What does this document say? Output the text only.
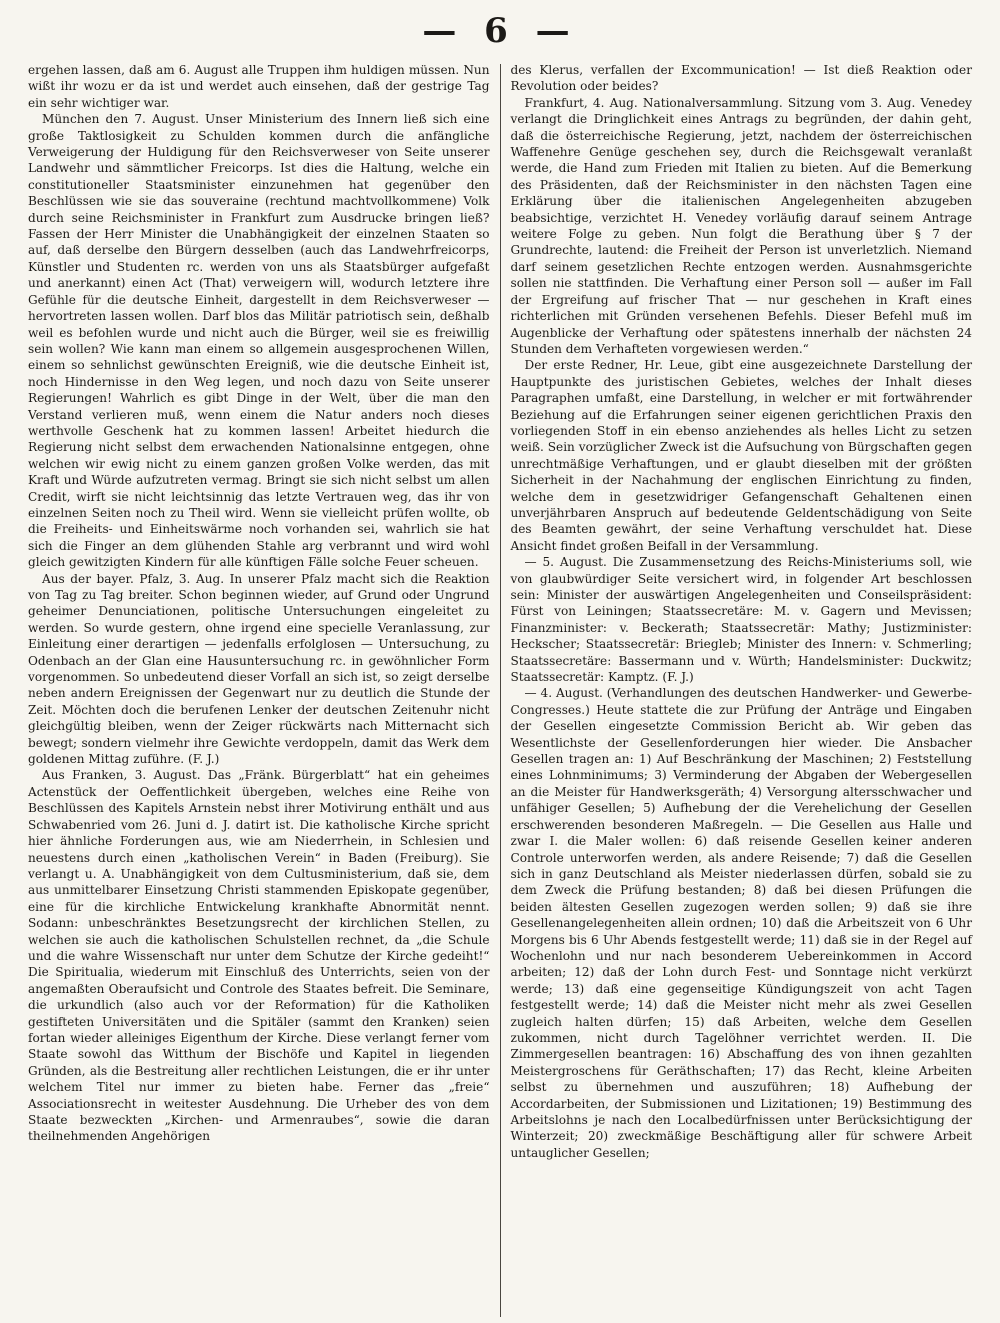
— 6 —

ergehen lassen, daß am 6. August alle Truppen ihm huldigen müssen. Nun wißt ihr wozu er da ist und werdet auch einsehen, daß der gestrige Tag ein sehr wichtiger war.

München den 7. August. Unser Ministerium des Innern ließ sich eine große Taktlosigkeit zu Schulden kommen durch die anfängliche Verweigerung der Huldigung für den Reichsverweser von Seite unserer Landwehr und sämmtlicher Freicorps. Ist dies die Haltung, welche ein constitutioneller Staatsminister einzunehmen hat gegenüber den Beschlüssen wie sie das souveraine (rechtund machtvollkommene) Volk durch seine Reichsminister in Frankfurt zum Ausdrucke bringen ließ? Fassen der Herr Minister die Unabhängigkeit der einzelnen Staaten so auf, daß derselbe den Bürgern desselben (auch das Landwehrfreicorps, Künstler und Studenten rc. werden von uns als Staatsbürger aufgefaßt und anerkannt) einen Act (That) verweigern will, wodurch letztere ihre Gefühle für die deutsche Einheit, dargestellt in dem Reichsverweser — hervortreten lassen wollen. Darf blos das Militär patriotisch sein, deßhalb weil es befohlen wurde und nicht auch die Bürger, weil sie es freiwillig sein wollen? Wie kann man einem so allgemein ausgesprochenen Willen, einem so sehnlichst gewünschten Ereigniß, wie die deutsche Einheit ist, noch Hindernisse in den Weg legen, und noch dazu von Seite unserer Regierungen! Wahrlich es gibt Dinge in der Welt, über die man den Verstand verlieren muß, wenn einem die Natur anders noch dieses werthvolle Geschenk hat zu kommen lassen! Arbeitet hiedurch die Regierung nicht selbst dem erwachenden Nationalsinne entgegen, ohne welchen wir ewig nicht zu einem ganzen großen Volke werden, das mit Kraft und Würde aufzutreten vermag. Bringt sie sich nicht selbst um allen Credit, wirft sie nicht leichtsinnig das letzte Vertrauen weg, das ihr von einzelnen Seiten noch zu Theil wird. Wenn sie vielleicht prüfen wollte, ob die Freiheits- und Einheitswärme noch vorhanden sei, wahrlich sie hat sich die Finger an dem glühenden Stahle arg verbrannt und wird wohl gleich gewitzigten Kindern für alle künftigen Fälle solche Feuer scheuen.

Aus der bayer. Pfalz, 3. Aug. In unserer Pfalz macht sich die Reaktion von Tag zu Tag breiter. Schon beginnen wieder, auf Grund oder Ungrund geheimer Denunciationen, politische Untersuchungen eingeleitet zu werden. So wurde gestern, ohne irgend eine specielle Veranlassung, zur Einleitung einer derartigen — jedenfalls erfolglosen — Untersuchung, zu Odenbach an der Glan eine Hausuntersuchung rc. in gewöhnlicher Form vorgenommen. So unbedeutend dieser Vorfall an sich ist, so zeigt derselbe neben andern Ereignissen der Gegenwart nur zu deutlich die Stunde der Zeit. Möchten doch die berufenen Lenker der deutschen Zeitenuhr nicht gleichgültig bleiben, wenn der Zeiger rückwärts nach Mitternacht sich bewegt; sondern vielmehr ihre Gewichte verdoppeln, damit das Werk dem goldenen Mittag zuführe. (F. J.)

Aus Franken, 3. August. Das „Fränk. Bürgerblatt“ hat ein geheimes Actenstück der Oeffentlichkeit übergeben, welches eine Reihe von Beschlüssen des Kapitels Arnstein nebst ihrer Motivirung enthält und aus Schwabenried vom 26. Juni d. J. datirt ist. Die katholische Kirche spricht hier ähnliche Forderungen aus, wie am Niederrhein, in Schlesien und neuestens durch einen „katholischen Verein“ in Baden (Freiburg). Sie verlangt u. A. Unabhängigkeit von dem Cultusministerium, daß sie, dem aus unmittelbarer Einsetzung Christi stammenden Episkopate gegenüber, eine für die kirchliche Entwickelung krankhafte Abnormität nennt. Sodann: unbeschränktes Besetzungsrecht der kirchlichen Stellen, zu welchen sie auch die katholischen Schulstellen rechnet, da „die Schule und die wahre Wissenschaft nur unter dem Schutze der Kirche gedeiht!“ Die Spiritualia, wiederum mit Einschluß des Unterrichts, seien von der angemaßten Oberaufsicht und Controle des Staates befreit. Die Seminare, die urkundlich (also auch vor der Reformation) für die Katholiken gestifteten Universitäten und die Spitäler (sammt den Kranken) seien fortan wieder alleiniges Eigenthum der Kirche. Diese verlangt ferner vom Staate sowohl das Witthum der Bischöfe und Kapitel in liegenden Gründen, als die Bestreitung aller rechtlichen Leistungen, die er ihr unter welchem Titel nur immer zu bieten habe. Ferner das „freie“ Associationsrecht in weitester Ausdehnung. Die Urheber des von dem Staate bezweckten „Kirchen- und Armenraubes“, sowie die daran theilnehmenden Angehörigen

des Klerus, verfallen der Excommunication! — Ist dieß Reaktion oder Revolution oder beides?

Frankfurt, 4. Aug. Nationalversammlung. Sitzung vom 3. Aug. Venedey verlangt die Dringlichkeit eines Antrags zu begründen, der dahin geht, daß die österreichische Regierung, jetzt, nachdem der österreichischen Waffenehre Genüge geschehen sey, durch die Reichsgewalt veranlaßt werde, die Hand zum Frieden mit Italien zu bieten. Auf die Bemerkung des Präsidenten, daß der Reichsminister in den nächsten Tagen eine Erklärung über die italienischen Angelegenheiten abzugeben beabsichtige, verzichtet H. Venedey vorläufig darauf seinem Antrage weitere Folge zu geben. Nun folgt die Berathung über § 7 der Grundrechte, lautend: die Freiheit der Person ist unverletzlich. Niemand darf seinem gesetzlichen Rechte entzogen werden. Ausnahmsgerichte sollen nie stattfinden. Die Verhaftung einer Person soll — außer im Fall der Ergreifung auf frischer That — nur geschehen in Kraft eines richterlichen mit Gründen versehenen Befehls. Dieser Befehl muß im Augenblicke der Verhaftung oder spätestens innerhalb der nächsten 24 Stunden dem Verhafteten vorgewiesen werden.“

Der erste Redner, Hr. Leue, gibt eine ausgezeichnete Darstellung der Hauptpunkte des juristischen Gebietes, welches der Inhalt dieses Paragraphen umfaßt, eine Darstellung, in welcher er mit fortwährender Beziehung auf die Erfahrungen seiner eigenen gerichtlichen Praxis den vorliegenden Stoff in ein ebenso anziehendes als helles Licht zu setzen weiß. Sein vorzüglicher Zweck ist die Aufsuchung von Bürgschaften gegen unrechtmäßige Verhaftungen, und er glaubt dieselben mit der größten Sicherheit in der Nachahmung der englischen Einrichtung zu finden, welche dem in gesetzwidriger Gefangenschaft Gehaltenen einen unverjährbaren Anspruch auf bedeutende Geldentschädigung von Seite des Beamten gewährt, der seine Verhaftung verschuldet hat. Diese Ansicht findet großen Beifall in der Versammlung.

— 5. August. Die Zusammensetzung des Reichs-Ministeriums soll, wie von glaubwürdiger Seite versichert wird, in folgender Art beschlossen sein: Minister der auswärtigen Angelegenheiten und Conseilspräsident: Fürst von Leiningen; Staatssecretäre: M. v. Gagern und Mevissen; Finanzminister: v. Beckerath; Staatssecretär: Mathy; Justizminister: Heckscher; Staatssecretär: Briegleb; Minister des Innern: v. Schmerling; Staatssecretäre: Bassermann und v. Würth; Handelsminister: Duckwitz; Staatssecretär: Kamptz. (F. J.)

— 4. August. (Verhandlungen des deutschen Handwerker- und Gewerbe-Congresses.) Heute stattete die zur Prüfung der Anträge und Eingaben der Gesellen eingesetzte Commission Bericht ab. Wir geben das Wesentlichste der Gesellenforderungen hier wieder. Die Ansbacher Gesellen tragen an: 1) Auf Beschränkung der Maschinen; 2) Feststellung eines Lohnminimums; 3) Verminderung der Abgaben der Webergesellen an die Meister für Handwerksgeräth; 4) Versorgung altersschwacher und unfähiger Gesellen; 5) Aufhebung der die Verehelichung der Gesellen erschwerenden besonderen Maßregeln. — Die Gesellen aus Halle und zwar I. die Maler wollen: 6) daß reisende Gesellen keiner anderen Controle unterworfen werden, als andere Reisende; 7) daß die Gesellen sich in ganz Deutschland als Meister niederlassen dürfen, sobald sie zu dem Zweck die Prüfung bestanden; 8) daß bei diesen Prüfungen die beiden ältesten Gesellen zugezogen werden sollen; 9) daß sie ihre Gesellenangelegenheiten allein ordnen; 10) daß die Arbeitszeit von 6 Uhr Morgens bis 6 Uhr Abends festgestellt werde; 11) daß sie in der Regel auf Wochenlohn und nur nach besonderem Uebereinkommen in Accord arbeiten; 12) daß der Lohn durch Fest- und Sonntage nicht verkürzt werde; 13) daß eine gegenseitige Kündigungszeit von acht Tagen festgestellt werde; 14) daß die Meister nicht mehr als zwei Gesellen zugleich halten dürfen; 15) daß Arbeiten, welche dem Gesellen zukommen, nicht durch Tagelöhner verrichtet werden. II. Die Zimmergesellen beantragen: 16) Abschaffung des von ihnen gezahlten Meistergroschens für Geräthschaften; 17) das Recht, kleine Arbeiten selbst zu übernehmen und auszuführen; 18) Aufhebung der Accordarbeiten, der Submissionen und Lizitationen; 19) Bestimmung des Arbeitslohns je nach den Localbedürfnissen unter Berücksichtigung der Winterzeit; 20) zweckmäßige Beschäftigung aller für schwere Arbeit untauglicher Gesellen;
